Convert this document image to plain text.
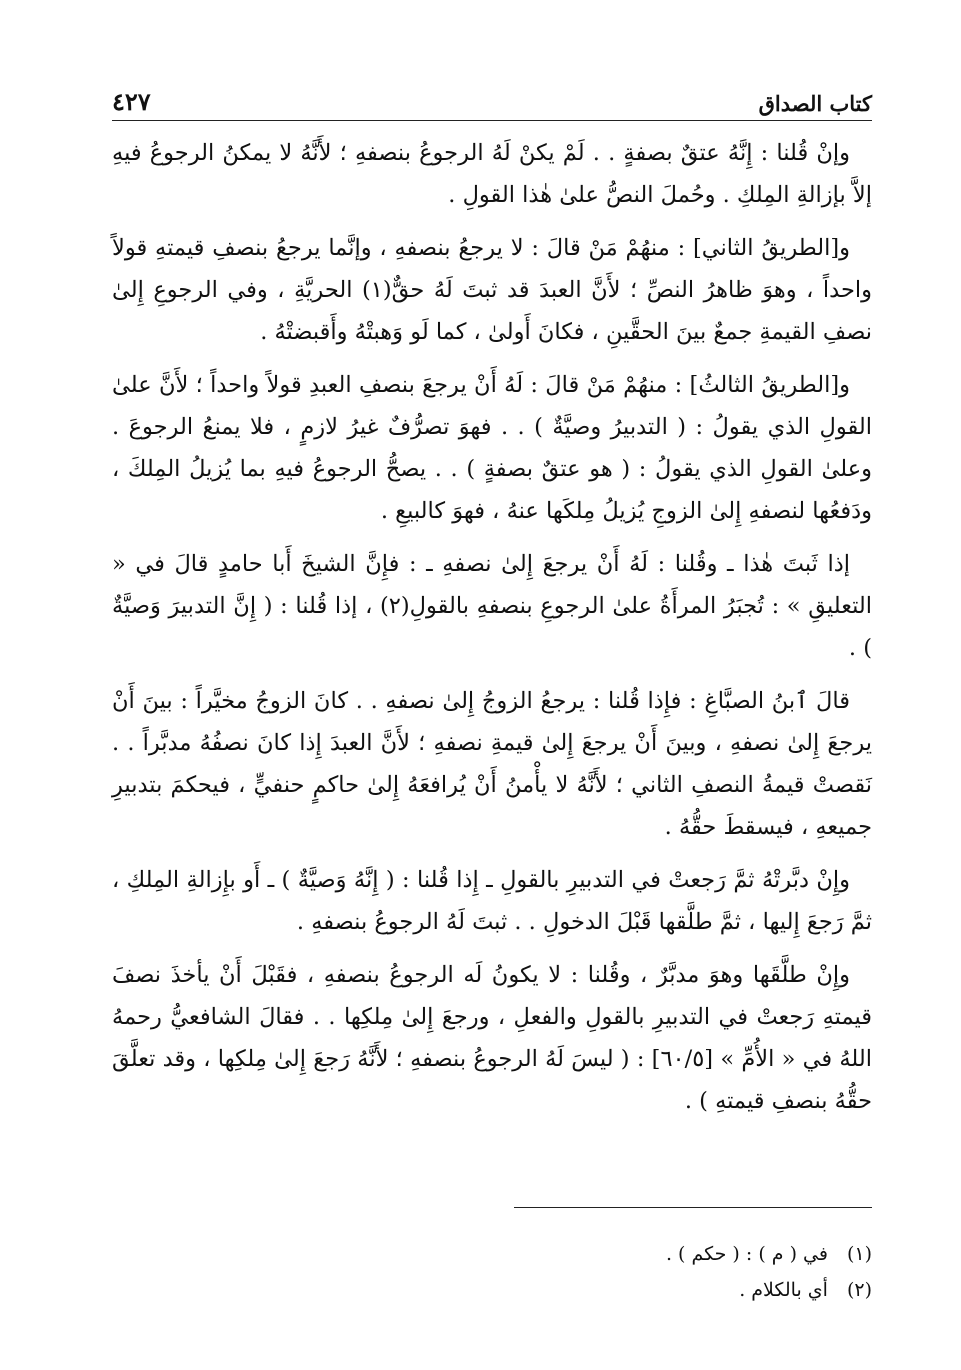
كتاب الصداق
٤٢٧

وإنْ قُلنا : إِنَّهُ عتقٌ بصفةٍ . . لَمْ يكنْ لَهُ الرجوعُ بنصفهِ ؛ لأَنَّهُ لا يمكنُ الرجوعُ فيهِ إلاَّ بإزالةِ المِلكِ . وحُملَ النصُّ علىٰ هٰذا القولِ .

و[الطريقُ الثاني] : منهُمْ مَنْ قالَ : لا يرجعُ بنصفهِ ، وإنَّما يرجعُ بنصفِ قيمتهِ قولاً واحداً ، وهوَ ظاهرُ النصِّ ؛ لأَنَّ العبدَ قد ثبتَ لَهُ حقٌّ(١) الحريَّةِ ، وفي الرجوعِ إِلىٰ نصفِ القيمةِ جمعٌ بينَ الحقَّينِ ، فكانَ أَولىٰ ، كما لَو وَهبتْهُ وأَقبضتْهُ .

و[الطريقُ الثالثُ] : منهُمْ مَنْ قالَ : لَهُ أَنْ يرجعَ بنصفِ العبدِ قولاً واحداً ؛ لأَنَّ علىٰ القولِ الذي يقولُ : ( التدبيرُ وصيَّةٌ ) . . فهوَ تصرُّفٌ غيرُ لازمٍ ، فلا يمنعُ الرجوعَ . وعلىٰ القولِ الذي يقولُ : ( هو عتقٌ بصفةٍ ) . . يصحُّ الرجوعُ فيهِ بما يُزيلُ المِلكَ ، ودَفعُها لنصفهِ إِلىٰ الزوجِ يُزيلُ مِلكَها عنهُ ، فهوَ كالبيعِ .

إذا ثَبتَ هٰذا ـ وقُلنا : لَهُ أَنْ يرجعَ إِلىٰ نصفهِ ـ : فإِنَّ الشيخَ أَبا حامدٍ قالَ في « التعليقِ » : تُجبَرُ المرأَةُ علىٰ الرجوعِ بنصفهِ بالقولِ(٢) ، إذا قُلنا : ( إِنَّ التدبيرَ وَصيَّةٌ ) .

قالَ ٱبنُ الصبَّاغِ : فإِذا قُلنا : يرجعُ الزوجُ إِلىٰ نصفهِ . . كانَ الزوجُ مخيَّراً : بينَ أَنْ يرجعَ إِلىٰ نصفهِ ، وبينَ أَنْ يرجعَ إِلىٰ قيمةِ نصفهِ ؛ لأَنَّ العبدَ إِذا كانَ نصفُهُ مدبَّراً . . نَقصتْ قيمةُ النصفِ الثاني ؛ لأَنَّهُ لا يأْمنُ أَنْ يُرافعَهُ إِلىٰ حاكمٍ حنفيٍّ ، فيحكمَ بتدبيرِ جميعهِ ، فيسقطَ حقُّهُ .

وإِنْ دبَّرتْهُ ثمَّ رَجعتْ في التدبيرِ بالقولِ ـ إِذا قُلنا : ( إِنَّهُ وَصيَّةٌ ) ـ أَو بإِزالةِ المِلكِ ، ثمَّ رَجعَ إِليها ، ثمَّ طلَّقها قَبْلَ الدخولِ . . ثبتَ لَهُ الرجوعُ بنصفهِ .

وإِنْ طلَّقَها وهوَ مدبَّرٌ ، وقُلنا : لا يكونُ لَه الرجوعُ بنصفهِ ، فقَبْلَ أَنْ يأخذَ نصفَ قيمتهِ رَجعتْ في التدبيرِ بالقولِ والفعلِ ، ورجعَ إِلىٰ مِلكِها . . فقالَ الشافعيُّ رحمهُ اللهُ في « الأُمِّ » [٦٠/٥] : ( ليسَ لَهُ الرجوعُ بنصفهِ ؛ لأَنَّهُ رَجعَ إِلىٰ مِلكِها ، وقد تعلَّقَ حقُّهُ بنصفِ قيمتهِ ) .

(١) في ( م ) : ( حكم ) .

(٢) أي بالكلام .
